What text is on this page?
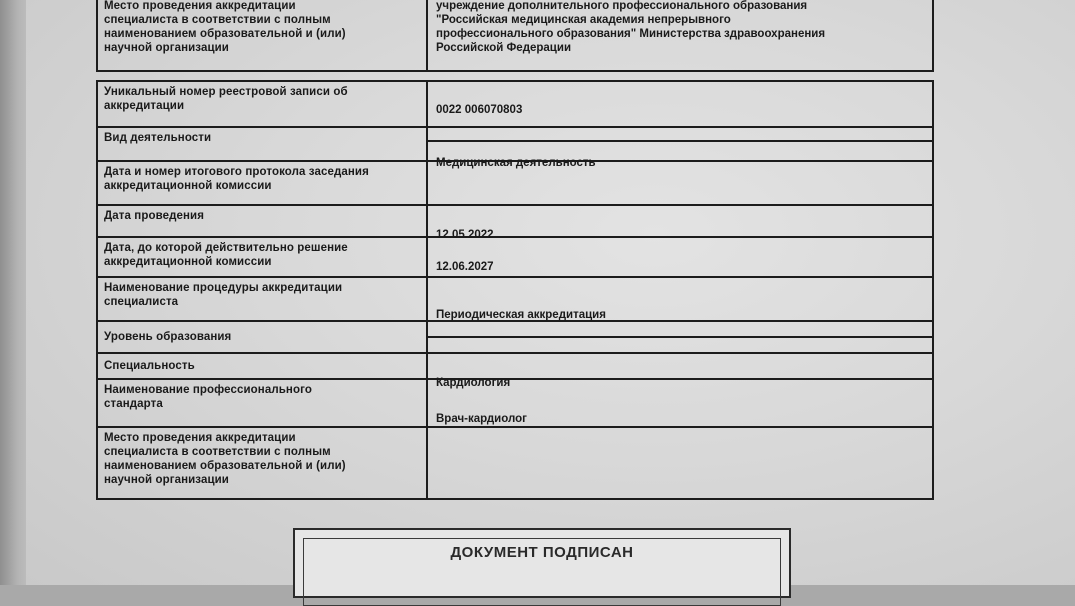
Место проведения аккредитации
специалиста в соответствии с полным
наименованием образовательной и (или)
научной организации
учреждение дополнительного профессионального образования
"Российская медицинская академия непрерывного
профессионального образования" Министерства здравоохранения
Российской Федерации
Уникальный номер реестровой записи об
аккредитации	0022 006070803
Вид деятельности

Медицинская деятельность

Дата и номер итогового протокола заседания
аккредитационной комиссии
Дата проведения

12.05.2022

Дата, до которой действительно решение
аккредитационной комиссии	12.06.2027

Наименование процедуры аккредитации
специалиста

Периодическая аккредитация

Уровень образования

Специальность

Кардиология

Наименование профессионального
стандарта

Врач-кардиолог

Место проведения аккредитации
специалиста в соответствии с полным
наименованием образовательной и (или)
научной организации
ДОКУМЕНТ ПОДПИСАН
